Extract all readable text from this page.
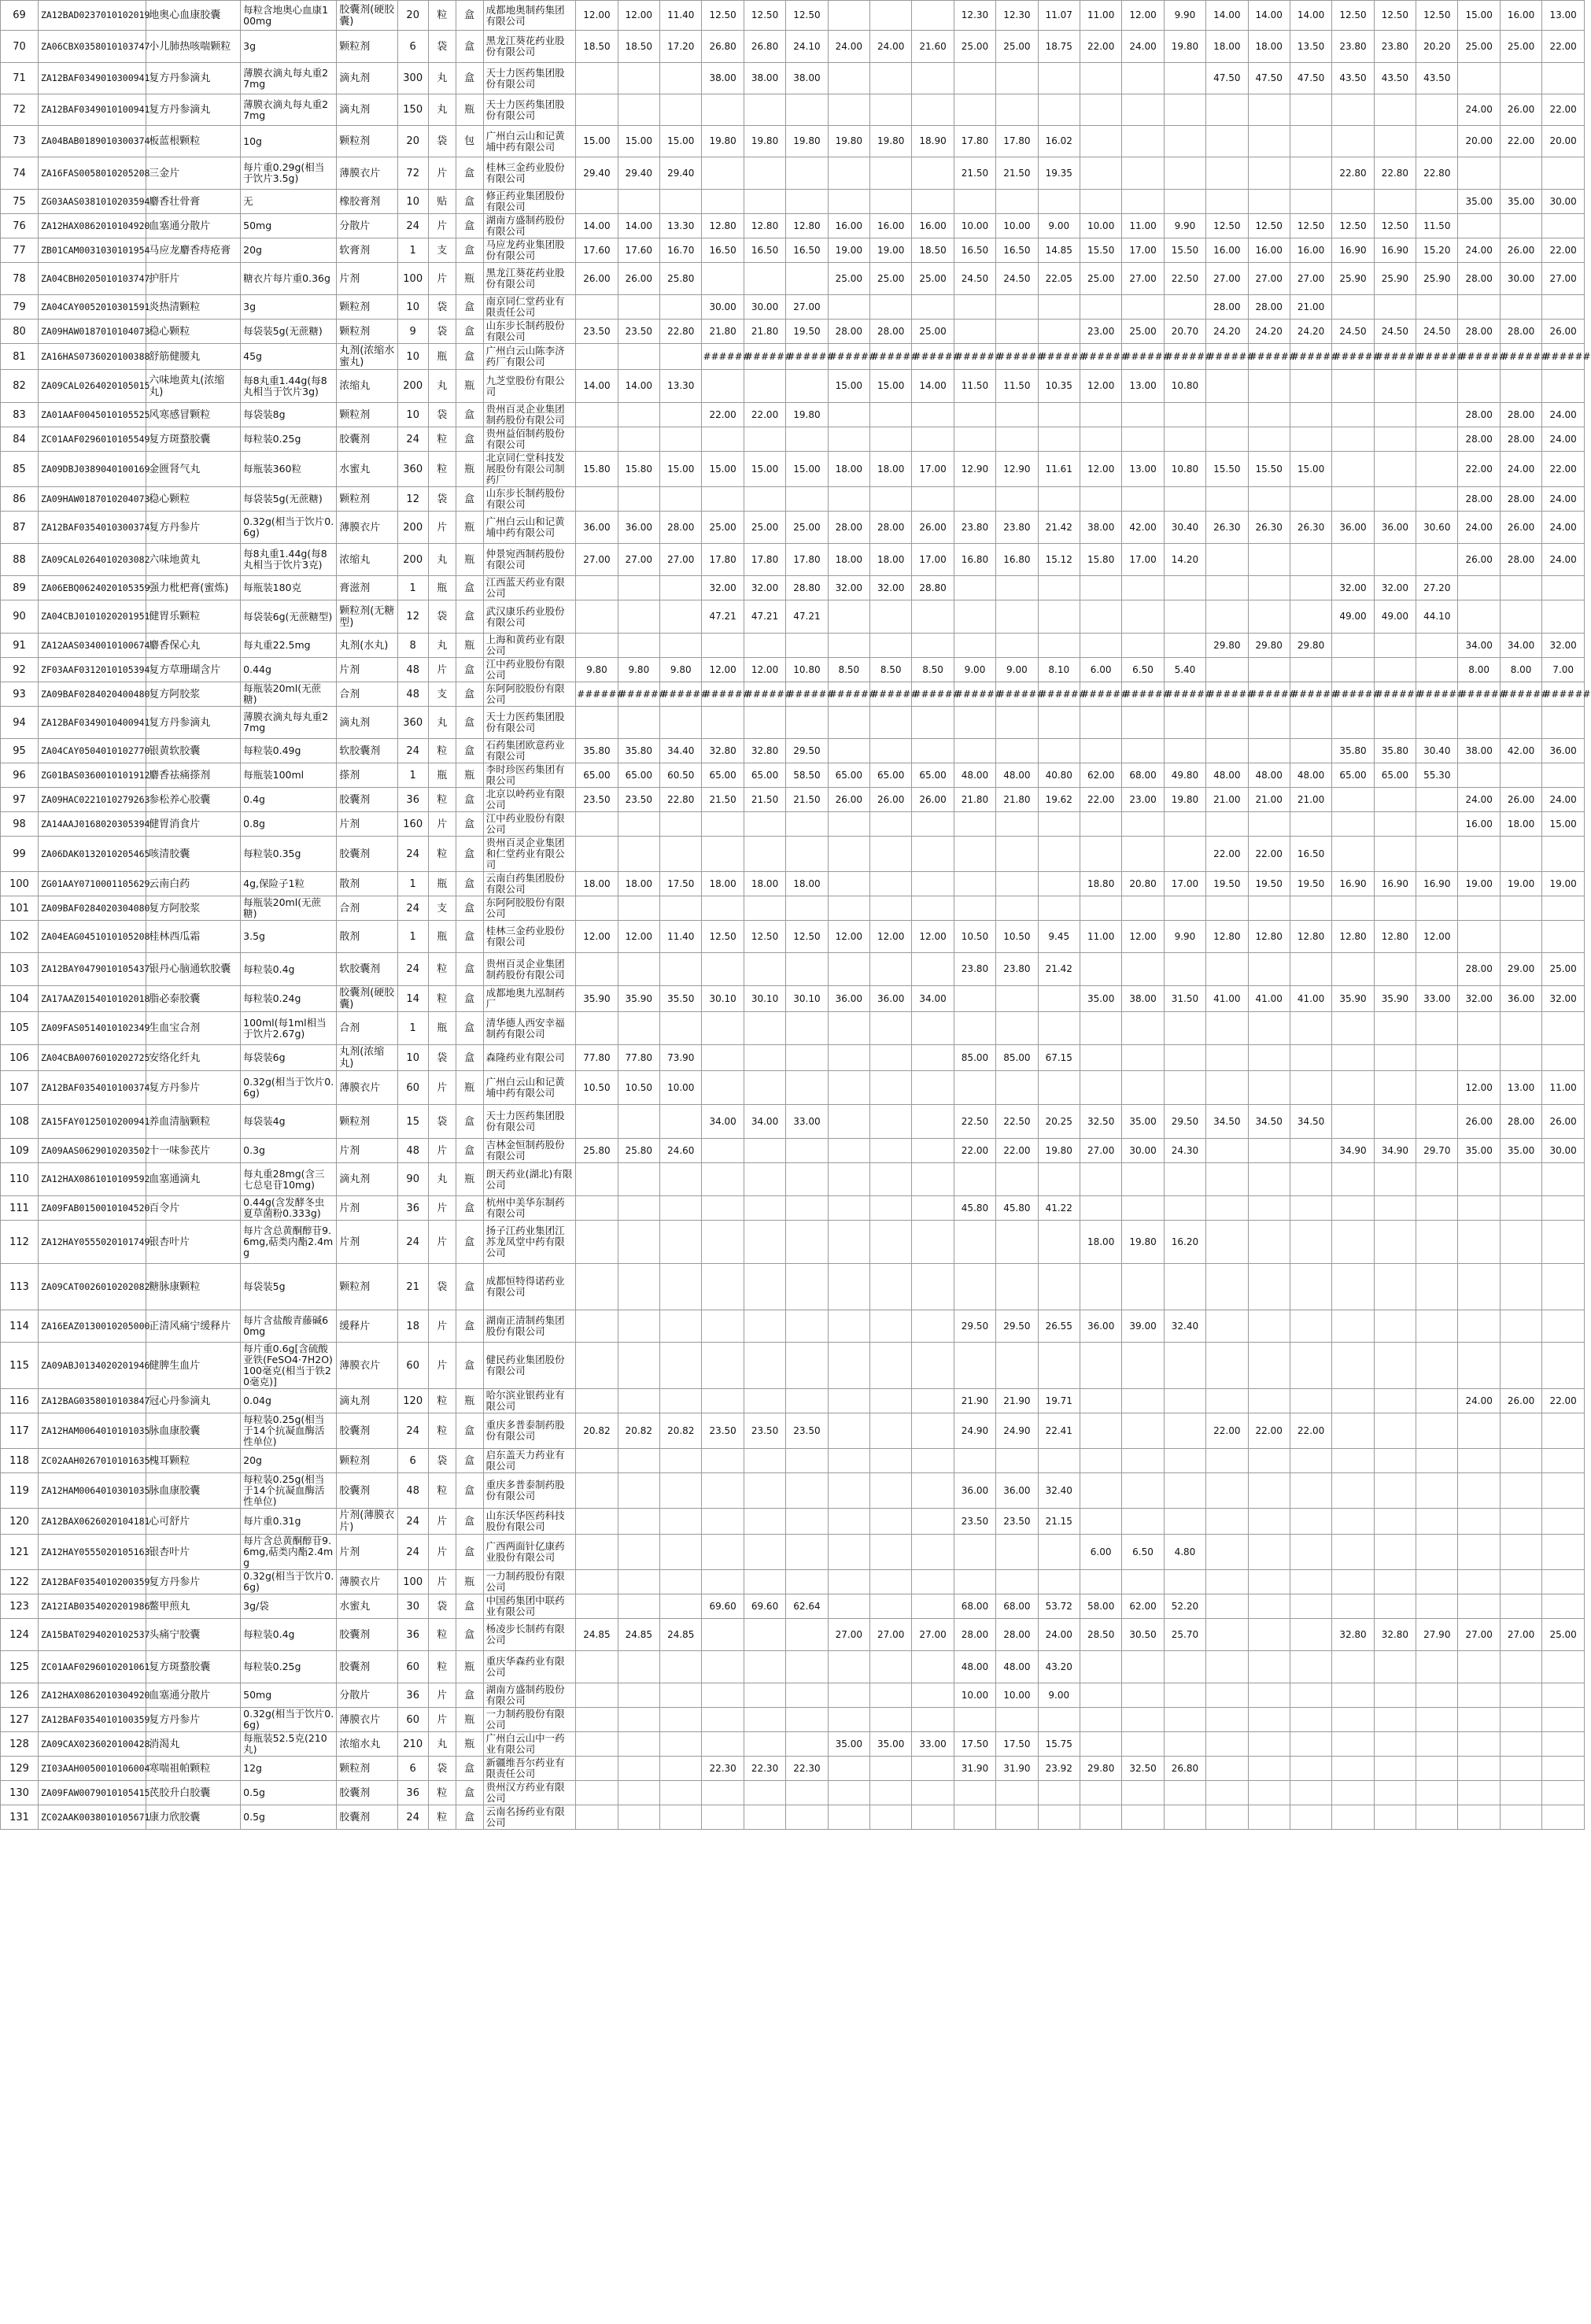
69	ZA12BAD0237010102019	地奥心血康胶囊	每粒含地奥心血康100mg	胶囊剂(硬胶囊)	20	粒	盒	成都地奥制药集团有限公司	12.00	12.00	11.40	12.50	12.50	12.50				12.30	12.30	11.07	11.00	12.00	9.90	14.00	14.00	14.00	12.50	12.50	12.50	15.00	16.00	13.00
70	ZA06CBX0358010103747	小儿肺热咳喘颗粒	3g	颗粒剂	6	袋	盒	黑龙江葵花药业股份有限公司	18.50	18.50	17.20	26.80	26.80	24.10	24.00	24.00	21.60	25.00	25.00	18.75	22.00	24.00	19.80	18.00	18.00	13.50	23.80	23.80	20.20	25.00	25.00	22.00
71	ZA12BAF0349010300941	复方丹参滴丸	薄膜衣滴丸每丸重27mg	滴丸剂	300	丸	盒	天士力医药集团股份有限公司				38.00	38.00	38.00										47.50	47.50	47.50	43.50	43.50	43.50			
72	ZA12BAF0349010100941	复方丹参滴丸	薄膜衣滴丸每丸重27mg	滴丸剂	150	丸	瓶	天士力医药集团股份有限公司																						24.00	26.00	22.00
73	ZA04BAB0189010300374	板蓝根颗粒	10g	颗粒剂	20	袋	包	广州白云山和记黄埔中药有限公司	15.00	15.00	15.00	19.80	19.80	19.80	19.80	19.80	18.90	17.80	17.80	16.02										20.00	22.00	20.00
74	ZA16FAS0058010205208	三金片	每片重0.29g(相当于饮片3.5g)	薄膜衣片	72	片	盒	桂林三金药业股份有限公司	29.40	29.40	29.40							21.50	21.50	19.35							22.80	22.80	22.80			
75	ZG03AAS0381010203594	麝香壮骨膏	无	橡胶膏剂	10	贴	盒	修正药业集团股份有限公司																						35.00	35.00	30.00
76	ZA12HAX0862010104920	血塞通分散片	50mg	分散片	24	片	盒	湖南方盛制药股份有限公司	14.00	14.00	13.30	12.80	12.80	12.80	16.00	16.00	16.00	10.00	10.00	9.00	10.00	11.00	9.90	12.50	12.50	12.50	12.50	12.50	11.50			
77	ZB01CAM0031030101954	马应龙麝香痔疮膏	20g	软膏剂	1	支	盒	马应龙药业集团股份有限公司	17.60	17.60	16.70	16.50	16.50	16.50	19.00	19.00	18.50	16.50	16.50	14.85	15.50	17.00	15.50	16.00	16.00	16.00	16.90	16.90	15.20	24.00	26.00	22.00
78	ZA04CBH0205010103747	护肝片	糖衣片每片重0.36g	片剂	100	片	瓶	黑龙江葵花药业股份有限公司	26.00	26.00	25.80				25.00	25.00	25.00	24.50	24.50	22.05	25.00	27.00	22.50	27.00	27.00	27.00	25.90	25.90	25.90	28.00	30.00	27.00
79	ZA04CAY0052010301591	炎热清颗粒	3g	颗粒剂	10	袋	盒	南京同仁堂药业有限责任公司				30.00	30.00	27.00										28.00	28.00	21.00						
80	ZA09HAW0187010104073	稳心颗粒	每袋装5g(无蔗糖)	颗粒剂	9	袋	盒	山东步长制药股份有限公司	23.50	23.50	22.80	21.80	21.80	19.50	28.00	28.00	25.00				23.00	25.00	20.70	24.20	24.20	24.20	24.50	24.50	24.50	28.00	28.00	26.00
81	ZA16HAS0736020100388	舒筋健腰丸	45g	丸剂(浓缩水蜜丸)	10	瓶	盒	广州白云山陈李济药厂有限公司				######	######	######	######	######	######	######	######	######	######	######	######	######	######	######	######	######	######	######	######	######
82	ZA09CAL0264020105015	六味地黄丸(浓缩丸)	每8丸重1.44g(每8丸相当于饮片3g)	浓缩丸	200	丸	瓶	九芝堂股份有限公司	14.00	14.00	13.30				15.00	15.00	14.00	11.50	11.50	10.35	12.00	13.00	10.80									
83	ZA01AAF0045010105525	风寒感冒颗粒	每袋装8g	颗粒剂	10	袋	盒	贵州百灵企业集团制药股份有限公司				22.00	22.00	19.80																28.00	28.00	24.00
84	ZC01AAF0296010105549	复方斑蝥胶囊	每粒装0.25g	胶囊剂	24	粒	盒	贵州益佰制药股份有限公司																						28.00	28.00	24.00
85	ZA09DBJ0389040100169	金匮肾气丸	每瓶装360粒	水蜜丸	360	粒	瓶	北京同仁堂科技发展股份有限公司制药厂	15.80	15.80	15.00	15.00	15.00	15.00	18.00	18.00	17.00	12.90	12.90	11.61	12.00	13.00	10.80	15.50	15.50	15.00				22.00	24.00	22.00
86	ZA09HAW0187010204073	稳心颗粒	每袋装5g(无蔗糖)	颗粒剂	12	袋	盒	山东步长制药股份有限公司																						28.00	28.00	24.00
87	ZA12BAF0354010300374	复方丹参片	0.32g(相当于饮片0.6g)	薄膜衣片	200	片	瓶	广州白云山和记黄埔中药有限公司	36.00	36.00	28.00	25.00	25.00	25.00	28.00	28.00	26.00	23.80	23.80	21.42	38.00	42.00	30.40	26.30	26.30	26.30	36.00	36.00	30.60	24.00	26.00	24.00
88	ZA09CAL0264010203082	六味地黄丸	每8丸重1.44g(每8丸相当于饮片3克)	浓缩丸	200	丸	瓶	仲景宛西制药股份有限公司	27.00	27.00	27.00	17.80	17.80	17.80	18.00	18.00	17.00	16.80	16.80	15.12	15.80	17.00	14.20							26.00	28.00	24.00
89	ZA06EBQ0624020105359	强力枇杷膏(蜜炼)	每瓶装180克	膏滋剂	1	瓶	盒	江西蓝天药业有限公司				32.00	32.00	28.80	32.00	32.00	28.80										32.00	32.00	27.20			
90	ZA04CBJ0101020201951	健胃乐颗粒	每袋装6g(无蔗糖型)	颗粒剂(无糖型)	12	袋	盒	武汉康乐药业股份有限公司				47.21	47.21	47.21													49.00	49.00	44.10			
91	ZA12AAS0340010100674	麝香保心丸	每丸重22.5mg	丸剂(水丸)	8	丸	瓶	上海和黄药业有限公司																29.80	29.80	29.80				34.00	34.00	32.00
92	ZF03AAF0312010105394	复方草珊瑚含片	0.44g	片剂	48	片	盒	江中药业股份有限公司	9.80	9.80	9.80	12.00	12.00	10.80	8.50	8.50	8.50	9.00	9.00	8.10	6.00	6.50	5.40							8.00	8.00	7.00
93	ZA09BAF0284020400480	复方阿胶浆	每瓶装20ml(无蔗糖)	合剂	48	支	盒	东阿阿胶股份有限公司	######	######	######	######	######	######	######	######	######	######	######	######	######	######	######	######	######	######	######	######	######	######	######	######
94	ZA12BAF0349010400941	复方丹参滴丸	薄膜衣滴丸每丸重27mg	滴丸剂	360	丸	盒	天士力医药集团股份有限公司																								
95	ZA04CAY0504010102770	银黄软胶囊	每粒装0.49g	软胶囊剂	24	粒	盒	石药集团欧意药业有限公司	35.80	35.80	34.40	32.80	32.80	29.50													35.80	35.80	30.40	38.00	42.00	36.00
96	ZG01BAS0360010101912	麝香祛痛搽剂	每瓶装100ml	搽剂	1	瓶	瓶	李时珍医药集团有限公司	65.00	65.00	60.50	65.00	65.00	58.50	65.00	65.00	65.00	48.00	48.00	40.80	62.00	68.00	49.80	48.00	48.00	48.00	65.00	65.00	55.30			
97	ZA09HAC0221010279263	参松养心胶囊	0.4g	胶囊剂	36	粒	盒	北京以岭药业有限公司	23.50	23.50	22.80	21.50	21.50	21.50	26.00	26.00	26.00	21.80	21.80	19.62	22.00	23.00	19.80	21.00	21.00	21.00				24.00	26.00	24.00
98	ZA14AAJ0168020305394	健胃消食片	0.8g	片剂	160	片	盒	江中药业股份有限公司																						16.00	18.00	15.00
99	ZA06DAK0132010205465	咳清胶囊	每粒装0.35g	胶囊剂	24	粒	盒	贵州百灵企业集团和仁堂药业有限公司																22.00	22.00	16.50						
100	ZG01AAY0710001105629	云南白药	4g,保险子1粒	散剂	1	瓶	盒	云南白药集团股份有限公司	18.00	18.00	17.50	18.00	18.00	18.00							18.80	20.80	17.00	19.50	19.50	19.50	16.90	16.90	16.90	19.00	19.00	19.00
101	ZA09BAF0284020304080	复方阿胶浆	每瓶装20ml(无蔗糖)	合剂	24	支	盒	东阿阿胶股份有限公司																								
102	ZA04EAG0451010105208	桂林西瓜霜	3.5g	散剂	1	瓶	盒	桂林三金药业股份有限公司	12.00	12.00	11.40	12.50	12.50	12.50	12.00	12.00	12.00	10.50	10.50	9.45	11.00	12.00	9.90	12.80	12.80	12.80	12.80	12.80	12.00			
103	ZA12BAY0479010105437	银丹心脑通软胶囊	每粒装0.4g	软胶囊剂	24	粒	盒	贵州百灵企业集团制药股份有限公司										23.80	23.80	21.42										28.00	29.00	25.00
104	ZA17AAZ0154010102018	脂必泰胶囊	每粒装0.24g	胶囊剂(硬胶囊)	14	粒	盒	成都地奥九泓制药厂	35.90	35.90	35.50	30.10	30.10	30.10	36.00	36.00	34.00				35.00	38.00	31.50	41.00	41.00	41.00	35.90	35.90	33.00	32.00	36.00	32.00
105	ZA09FAS0514010102349	生血宝合剂	100ml(每1ml相当于饮片2.67g)	合剂	1	瓶	盒	清华德人西安幸福制药有限公司																								
106	ZA04CBA0076010202725	安络化纤丸	每袋装6g	丸剂(浓缩丸)	10	袋	盒	森隆药业有限公司	77.80	77.80	73.90							85.00	85.00	67.15												
107	ZA12BAF0354010100374	复方丹参片	0.32g(相当于饮片0.6g)	薄膜衣片	60	片	瓶	广州白云山和记黄埔中药有限公司	10.50	10.50	10.00																			12.00	13.00	11.00
108	ZA15FAY0125010200941	养血清脑颗粒	每袋装4g	颗粒剂	15	袋	盒	天士力医药集团股份有限公司				34.00	34.00	33.00				22.50	22.50	20.25	32.50	35.00	29.50	34.50	34.50	34.50				26.00	28.00	26.00
109	ZA09AAS0629010203502	十一味参芪片	0.3g	片剂	48	片	盒	吉林金恒制药股份有限公司	25.80	25.80	24.60							22.00	22.00	19.80	27.00	30.00	24.30				34.90	34.90	29.70	35.00	35.00	30.00
110	ZA12HAX0861010109592	血塞通滴丸	每丸重28mg(含三七总皂苷10mg)	滴丸剂	90	丸	瓶	朗天药业(湖北)有限公司																								
111	ZA09FAB0150010104520	百令片	0.44g(含发酵冬虫夏草菌粉0.333g)	片剂	36	片	盒	杭州中美华东制药有限公司										45.80	45.80	41.22												
112	ZA12HAY0555020101749	银杏叶片	每片含总黄酮醇苷9.6mg,萜类内酯2.4mg	片剂	24	片	盒	扬子江药业集团江苏龙凤堂中药有限公司													18.00	19.80	16.20									
113	ZA09CAT0026010202082	糖脉康颗粒	每袋装5g	颗粒剂	21	袋	盒	成都恒特得诺药业有限公司																								
114	ZA16EAZ0130010205000	正清风痛宁缓释片	每片含盐酸青藤碱60mg	缓释片	18	片	盒	湖南正清制药集团股份有限公司										29.50	29.50	26.55	36.00	39.00	32.40									
115	ZA09ABJ0134020201946	健脾生血片	每片重0.6g[含硫酸亚铁(FeSO4·7H2O)100毫克(相当于铁20毫克)]	薄膜衣片	60	片	盒	健民药业集团股份有限公司																								
116	ZA12BAG0358010103847	冠心丹参滴丸	0.04g	滴丸剂	120	粒	瓶	哈尔滨业银药业有限公司										21.90	21.90	19.71										24.00	26.00	22.00
117	ZA12HAM0064010101035	脉血康胶囊	每粒装0.25g(相当于14个抗凝血酶活性单位)	胶囊剂	24	粒	盒	重庆多普泰制药股份有限公司	20.82	20.82	20.82	23.50	23.50	23.50				24.90	24.90	22.41				22.00	22.00	22.00						
118	ZC02AAH0267010101635	槐耳颗粒	20g	颗粒剂	6	袋	盒	启东盖天力药业有限公司																								
119	ZA12HAM0064010301035	脉血康胶囊	每粒装0.25g(相当于14个抗凝血酶活性单位)	胶囊剂	48	粒	盒	重庆多普泰制药股份有限公司										36.00	36.00	32.40												
120	ZA12BAX0626020104181	心可舒片	每片重0.31g	片剂(薄膜衣片)	24	片	盒	山东沃华医药科技股份有限公司										23.50	23.50	21.15												
121	ZA12HAY0555020105163	银杏叶片	每片含总黄酮醇苷9.6mg,萜类内酯2.4mg	片剂	24	片	盒	广西两面针亿康药业股份有限公司													6.00	6.50	4.80									
122	ZA12BAF0354010200359	复方丹参片	0.32g(相当于饮片0.6g)	薄膜衣片	100	片	瓶	一力制药股份有限公司																								
123	ZA12IAB0354020201986	鳖甲煎丸	3g/袋	水蜜丸	30	袋	盒	中国药集团中联药业有限公司				69.60	69.60	62.64				68.00	68.00	53.72	58.00	62.00	52.20									
124	ZA15BAT0294020102537	头痛宁胶囊	每粒装0.4g	胶囊剂	36	粒	盒	杨凌步长制药有限公司	24.85	24.85	24.85				27.00	27.00	27.00	28.00	28.00	24.00	28.50	30.50	25.70				32.80	32.80	27.90	27.00	27.00	25.00
125	ZC01AAF0296010201061	复方斑蝥胶囊	每粒装0.25g	胶囊剂	60	粒	瓶	重庆华森药业有限公司										48.00	48.00	43.20												
126	ZA12HAX0862010304920	血塞通分散片	50mg	分散片	36	片	盒	湖南方盛制药股份有限公司										10.00	10.00	9.00												
127	ZA12BAF0354010100359	复方丹参片	0.32g(相当于饮片0.6g)	薄膜衣片	60	片	瓶	一力制药股份有限公司																								
128	ZA09CAX0236020100428	消渴丸	每瓶装52.5克(210丸)	浓缩水丸	210	丸	瓶	广州白云山中一药业有限公司							35.00	35.00	33.00	17.50	17.50	15.75												
129	ZI03AAH0050010106004	寒喘祖帕颗粒	12g	颗粒剂	6	袋	盒	新疆维吾尔药业有限责任公司				22.30	22.30	22.30				31.90	31.90	23.92	29.80	32.50	26.80									
130	ZA09FAW0079010105415	芪胶升白胶囊	0.5g	胶囊剂	36	粒	盒	贵州汉方药业有限公司																								
131	ZC02AAK0038010105671	康力欣胶囊	0.5g	胶囊剂	24	粒	盒	云南名扬药业有限公司																								
